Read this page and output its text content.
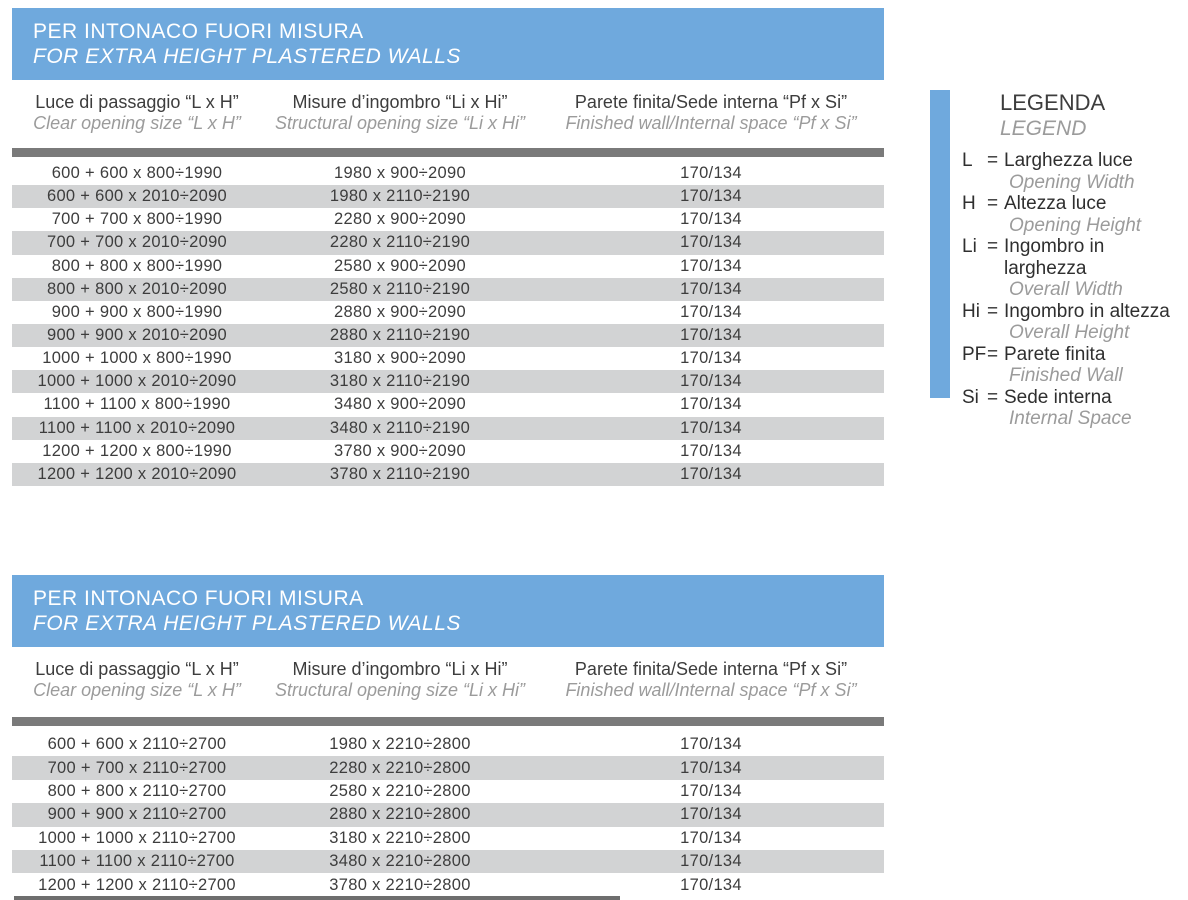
PER INTONACO FUORI MISURA
FOR EXTRA HEIGHT PLASTERED WALLS
Luce di passaggio “L x H”
Clear opening size “L x H”
Misure d’ingombro “Li x Hi”
Structural opening size “Li x Hi”
Parete finita/Sede interna “Pf x Si”
Finished wall/Internal space “Pf x Si”
600 + 600 x 800÷1990	1980 x 900÷2090	170/134
600 + 600 x 2010÷2090	1980 x 2110÷2190	170/134
700 + 700 x 800÷1990	2280 x 900÷2090	170/134
700 + 700 x 2010÷2090	2280 x 2110÷2190	170/134
800 + 800 x 800÷1990	2580 x 900÷2090	170/134
800 + 800 x 2010÷2090	2580 x 2110÷2190	170/134
900 + 900 x 800÷1990	2880 x 900÷2090	170/134
900 + 900 x 2010÷2090	2880 x 2110÷2190	170/134
1000 + 1000 x 800÷1990	3180 x 900÷2090	170/134
1000 + 1000 x 2010÷2090	3180 x 2110÷2190	170/134
1100 + 1100 x 800÷1990	3480 x 900÷2090	170/134
1100 + 1100 x 2010÷2090	3480 x 2110÷2190	170/134
1200 + 1200 x 800÷1990	3780 x 900÷2090	170/134
1200 + 1200 x 2010÷2090	3780 x 2110÷2190	170/134
PER INTONACO FUORI MISURA
FOR EXTRA HEIGHT PLASTERED WALLS
Luce di passaggio “L x H”
Clear opening size “L x H”
Misure d’ingombro “Li x Hi”
Structural opening size “Li x Hi”
Parete finita/Sede interna “Pf x Si”
Finished wall/Internal space “Pf x Si”
600 + 600 x 2110÷2700	1980 x 2210÷2800	170/134
700 + 700 x 2110÷2700	2280 x 2210÷2800	170/134
800 + 800 x 2110÷2700	2580 x 2210÷2800	170/134
900 + 900 x 2110÷2700	2880 x 2210÷2800	170/134
1000 + 1000 x 2110÷2700	3180 x 2210÷2800	170/134
1100 + 1100 x 2110÷2700	3480 x 2210÷2800	170/134
1200 + 1200 x 2110÷2700	3780 x 2210÷2800	170/134
LEGENDA
LEGEND
L = Larghezza luce
Opening Width
H = Altezza luce
Opening Height
Li = Ingombro in larghezza
Overall Width
Hi = Ingombro in altezza
Overall Height
PF = Parete finita
Finished Wall
Si = Sede interna
Internal Space
